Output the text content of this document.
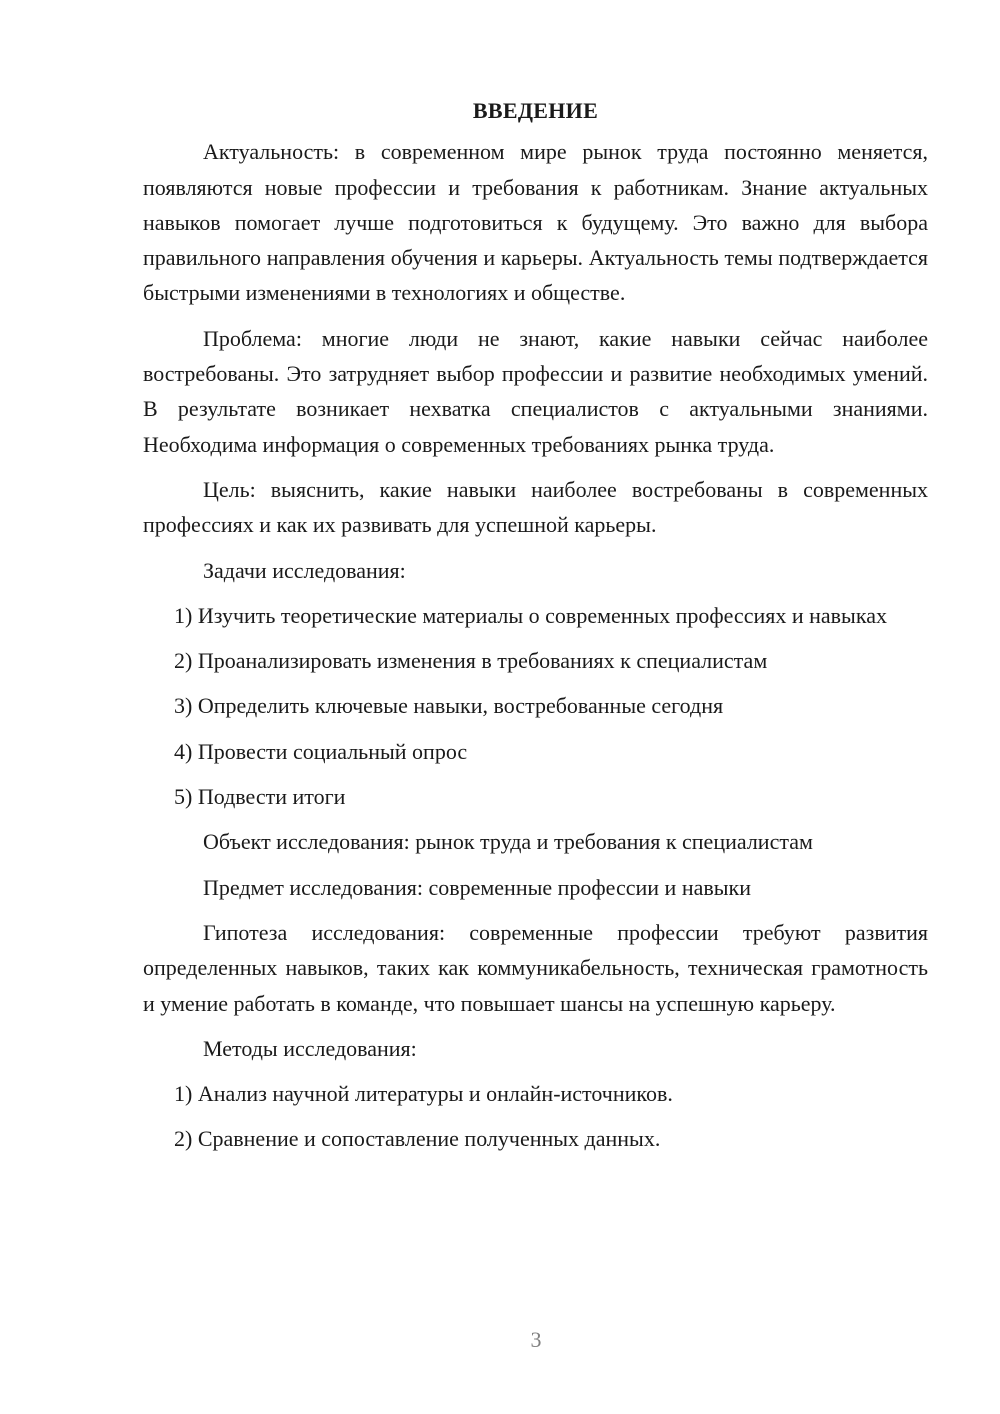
ВВЕДЕНИЕ

Актуальность: в современном мире рынок труда постоянно меняется, появляются новые профессии и требования к работникам. Знание актуальных навыков помогает лучше подготовиться к будущему. Это важно для выбора правильного направления обучения и карьеры. Актуальность темы подтверждается быстрыми изменениями в технологиях и обществе.

Проблема: многие люди не знают, какие навыки сейчас наиболее востребованы. Это затрудняет выбор профессии и развитие необходимых умений. В результате возникает нехватка специалистов с актуальными знаниями. Необходима информация о современных требованиях рынка труда.

Цель: выяснить, какие навыки наиболее востребованы в современных профессиях и как их развивать для успешной карьеры.

Задачи исследования:

1) Изучить теоретические материалы о современных профессиях и навыках

2) Проанализировать изменения в требованиях к специалистам

3) Определить ключевые навыки, востребованные сегодня

4) Провести социальный опрос

5) Подвести итоги

Объект исследования: рынок труда и требования к специалистам

Предмет исследования: современные профессии и навыки

Гипотеза исследования: современные профессии требуют развития определенных навыков, таких как коммуникабельность, техническая грамотность и умение работать в команде, что повышает шансы на успешную карьеру.

Методы исследования:

1) Анализ научной литературы и онлайн-источников.

2) Сравнение и сопоставление полученных данных.

3
